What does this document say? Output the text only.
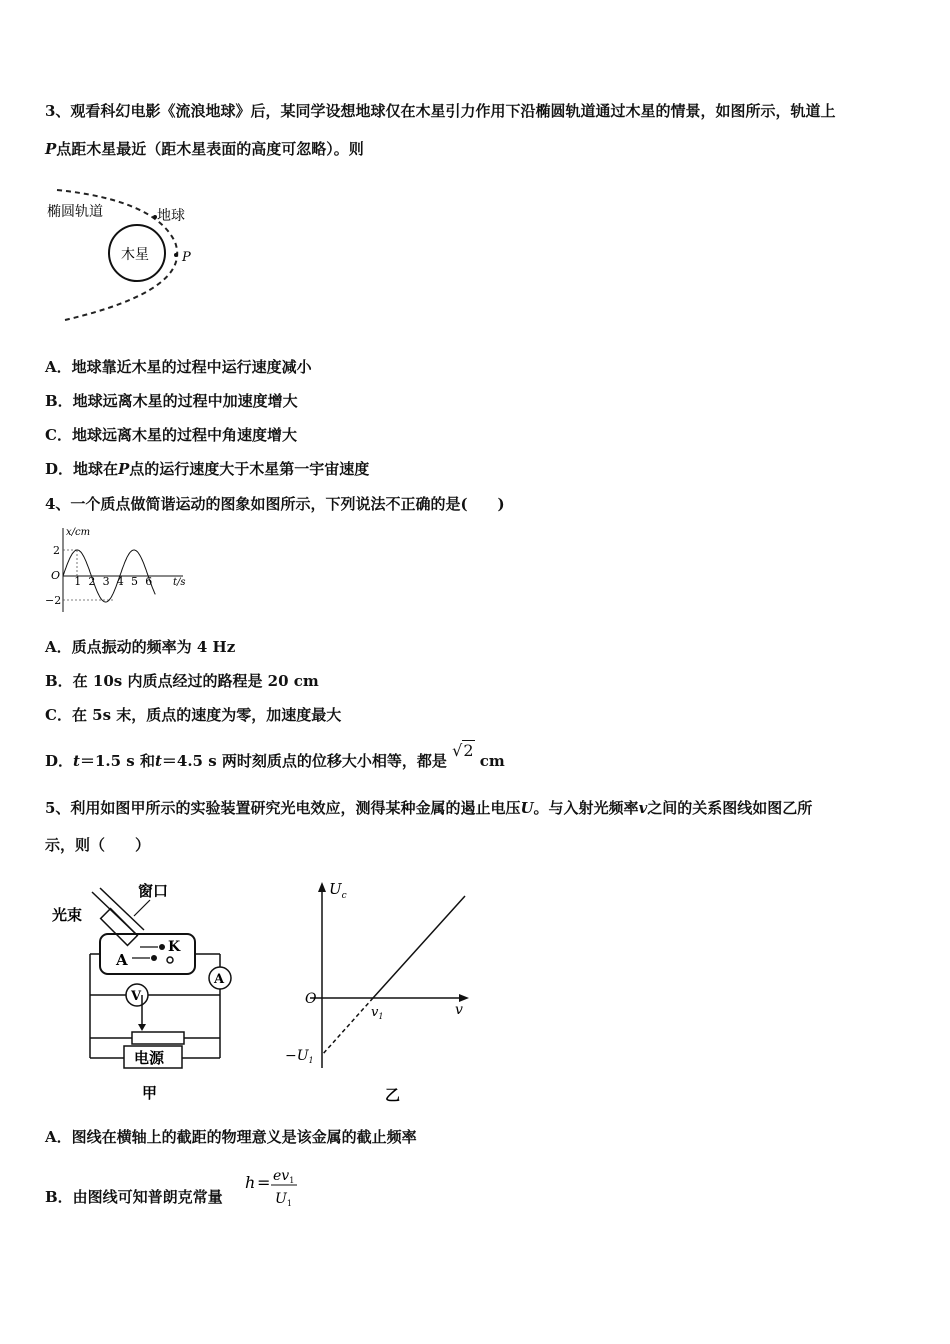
3、观看科幻电影《流浪地球》后，某同学设想地球仅在木星引力作用下沿椭圆轨道通过木星的情景，如图所示，轨道上
P点距木星最近（距木星表面的高度可忽略）。则
木星
椭圆轨道	地球
P
A．地球靠近木星的过程中运行速度减小
B．地球远离木星的过程中加速度增大
C．地球远离木星的过程中角速度增大
D．地球在P点的运行速度大于木星第一宇宙速度
4、一个质点做简谐运动的图象如图所示，下列说法不正确的是(　　)
x/cm
t/s
O
2
−2
1 2 3 4 5 6
A．质点振动的频率为 4 Hz
B．在 10s 内质点经过的路程是 20 cm
C．在 5s 末，质点的速度为零，加速度最大
D．t＝1.5 s 和t＝4.5 s 两时刻质点的位移大小相等，都是 √2 cm
5、利用如图甲所示的实验装置研究光电效应，测得某种金属的遏止电压U。与入射光频率v之间的关系图线如图乙所
示，则（　　）
窗口
光束
A
K
A
V
电源
甲
$U_c$
O
v
$v_1$
$-U_1$
乙
A．图线在横轴上的截距的物理意义是该金属的截止频率
B．由图线可知普朗克常量
$h = ev_1$
$U_1$
